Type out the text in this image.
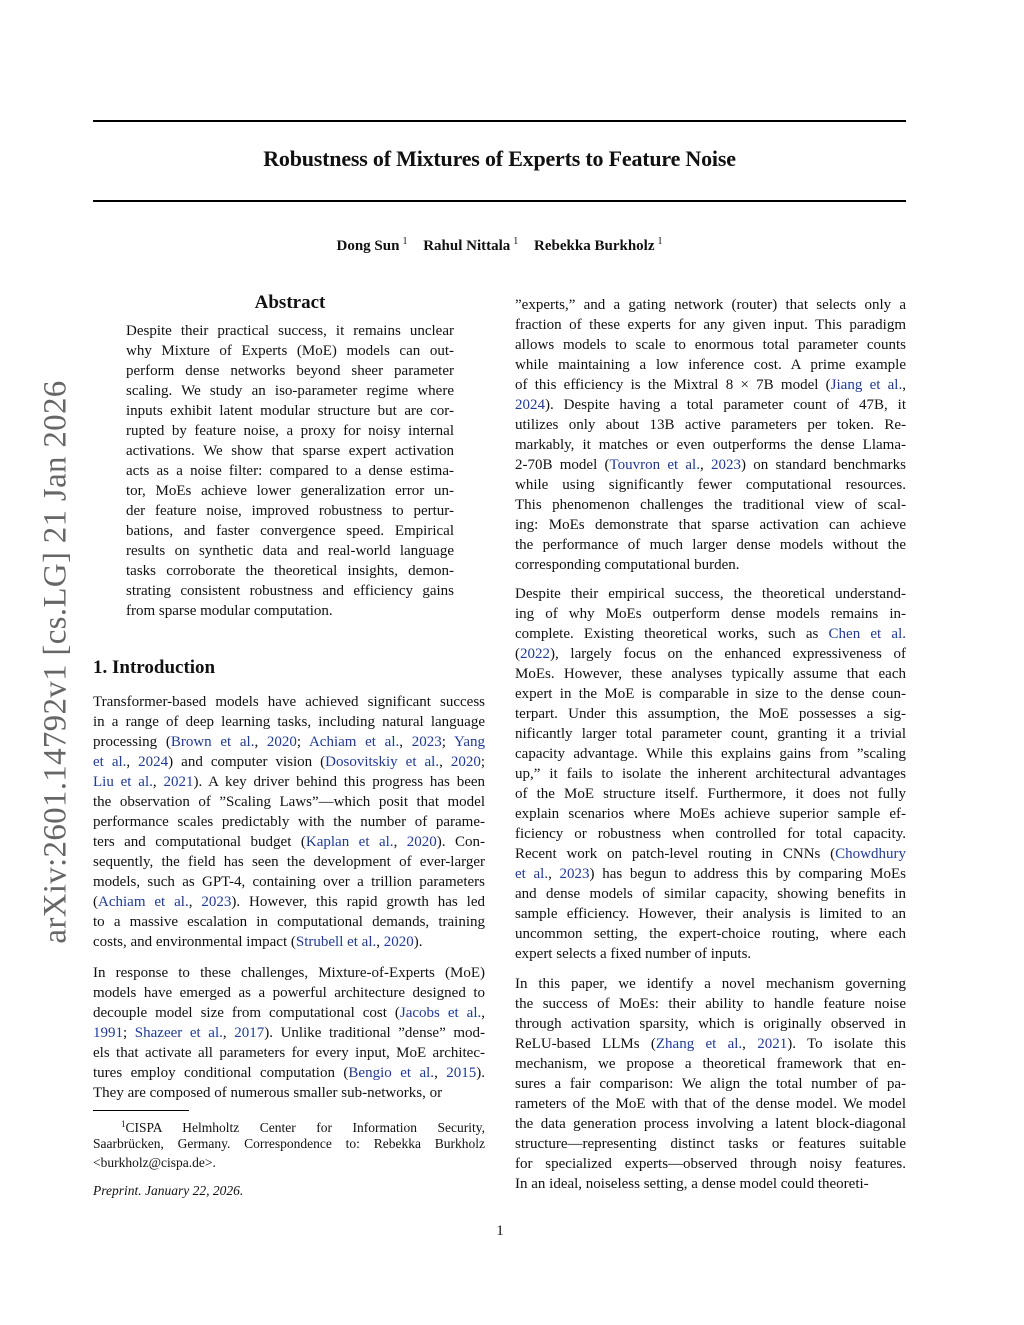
Robustness of Mixtures of Experts to Feature Noise
Dong Sun $^1$ Rahul Nittala $^1$ Rebekka Burkholz $^1$
arXiv:2601.14792v1 [cs.LG] 21 Jan 2026
Abstract
Despite their practical success, it remains unclear
why Mixture of Experts (MoE) models can out-
perform dense networks beyond sheer parameter
scaling. We study an iso-parameter regime where
inputs exhibit latent modular structure but are cor-
rupted by feature noise, a proxy for noisy internal
activations. We show that sparse expert activation
acts as a noise filter: compared to a dense estima-
tor, MoEs achieve lower generalization error un-
der feature noise, improved robustness to pertur-
bations, and faster convergence speed. Empirical
results on synthetic data and real-world language
tasks corroborate the theoretical insights, demon-
strating consistent robustness and efficiency gains
from sparse modular computation.
1. Introduction
Transformer-based models have achieved significant success
in a range of deep learning tasks, including natural language
processing (Brown et al., 2020; Achiam et al., 2023; Yang
et al., 2024) and computer vision (Dosovitskiy et al., 2020;
Liu et al., 2021). A key driver behind this progress has been
the observation of ”Scaling Laws”—which posit that model
performance scales predictably with the number of parame-
ters and computational budget (Kaplan et al., 2020). Con-
sequently, the field has seen the development of ever-larger
models, such as GPT-4, containing over a trillion parameters
(Achiam et al., 2023). However, this rapid growth has led
to a massive escalation in computational demands, training
costs, and environmental impact (Strubell et al., 2020).
In response to these challenges, Mixture-of-Experts (MoE)
models have emerged as a powerful architecture designed to
decouple model size from computational cost (Jacobs et al.,
1991; Shazeer et al., 2017). Unlike traditional ”dense” mod-
els that activate all parameters for every input, MoE architec-
tures employ conditional computation (Bengio et al., 2015).
They are composed of numerous smaller sub-networks, or
$^1$CISPA Helmholtz Center for Information Security,
Saarbrücken, Germany. Correspondence to: Rebekka Burkholz
<burkholz@cispa.de>.
Preprint. January 22, 2026.
”experts,” and a gating network (router) that selects only a
fraction of these experts for any given input. This paradigm
allows models to scale to enormous total parameter counts
while maintaining a low inference cost. A prime example
of this efficiency is the Mixtral 8 × 7B model (Jiang et al.,
2024). Despite having a total parameter count of 47B, it
utilizes only about 13B active parameters per token. Re-
markably, it matches or even outperforms the dense Llama-
2-70B model (Touvron et al., 2023) on standard benchmarks
while using significantly fewer computational resources.
This phenomenon challenges the traditional view of scal-
ing: MoEs demonstrate that sparse activation can achieve
the performance of much larger dense models without the
corresponding computational burden.
Despite their empirical success, the theoretical understand-
ing of why MoEs outperform dense models remains in-
complete. Existing theoretical works, such as Chen et al.
(2022), largely focus on the enhanced expressiveness of
MoEs. However, these analyses typically assume that each
expert in the MoE is comparable in size to the dense coun-
terpart. Under this assumption, the MoE possesses a sig-
nificantly larger total parameter count, granting it a trivial
capacity advantage. While this explains gains from ”scaling
up,” it fails to isolate the inherent architectural advantages
of the MoE structure itself. Furthermore, it does not fully
explain scenarios where MoEs achieve superior sample ef-
ficiency or robustness when controlled for total capacity.
Recent work on patch-level routing in CNNs (Chowdhury
et al., 2023) has begun to address this by comparing MoEs
and dense models of similar capacity, showing benefits in
sample efficiency. However, their analysis is limited to an
uncommon setting, the expert-choice routing, where each
expert selects a fixed number of inputs.
In this paper, we identify a novel mechanism governing
the success of MoEs: their ability to handle feature noise
through activation sparsity, which is originally observed in
ReLU-based LLMs (Zhang et al., 2021). To isolate this
mechanism, we propose a theoretical framework that en-
sures a fair comparison: We align the total number of pa-
rameters of the MoE with that of the dense model. We model
the data generation process involving a latent block-diagonal
structure—representing distinct tasks or features suitable
for specialized experts—observed through noisy features.
In an ideal, noiseless setting, a dense model could theoreti-
1
